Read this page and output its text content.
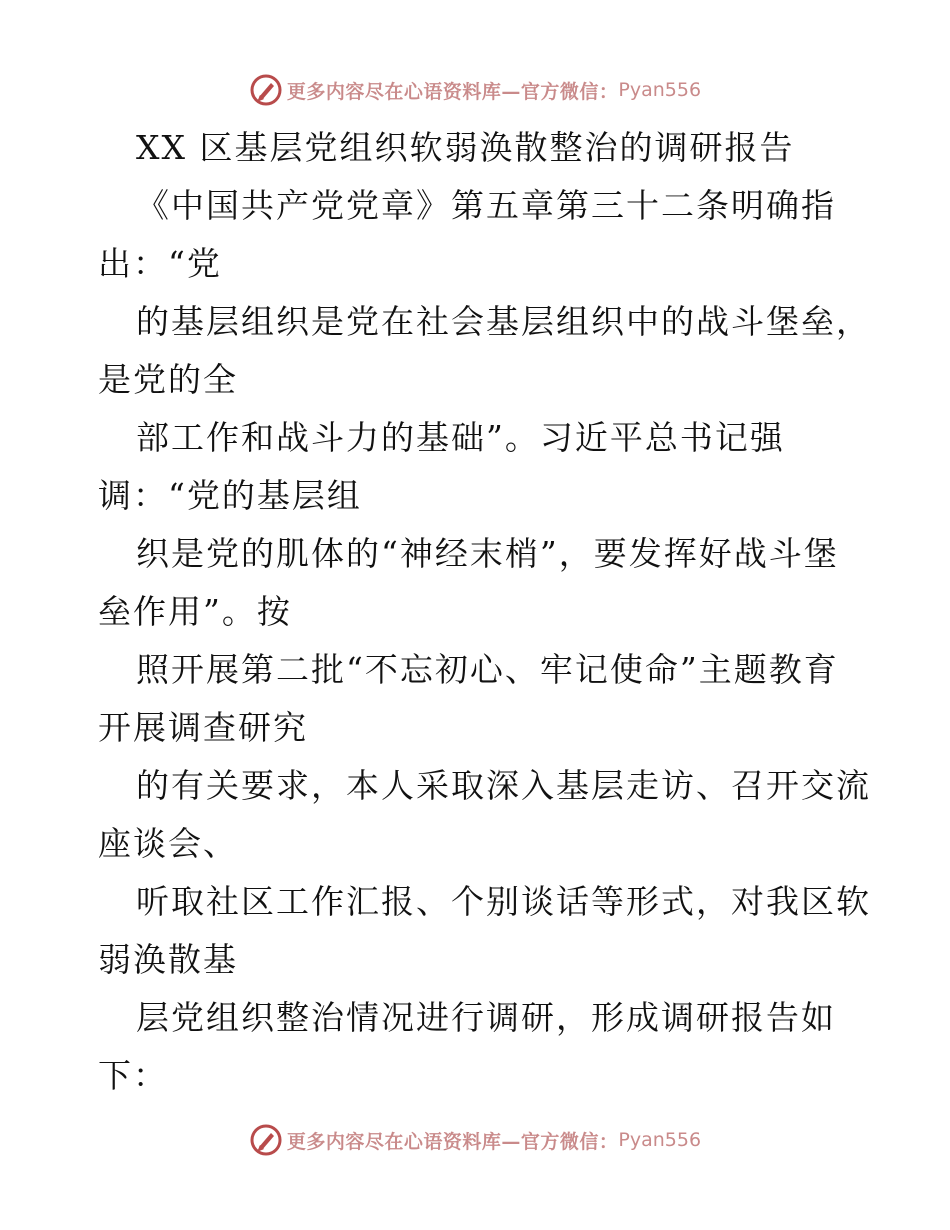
更多内容尽在心语资料库—官方微信： Pyan556
XX 区基层党组织软弱涣散整治的调研报告
《中国共产党党章》第五章第三十二条明确指
出：“党
的基层组织是党在社会基层组织中的战斗堡垒，
是党的全
部工作和战斗力的基础”。习近平总书记强
调：“党的基层组
织是党的肌体的“神经末梢”，要发挥好战斗堡
垒作用”。按
照开展第二批“不忘初心、牢记使命”主题教育
开展调查研究
的有关要求，本人采取深入基层走访、召开交流
座谈会、
听取社区工作汇报、个别谈话等形式，对我区软
弱涣散基
层党组织整治情况进行调研，形成调研报告如
下：
更多内容尽在心语资料库—官方微信： Pyan556
